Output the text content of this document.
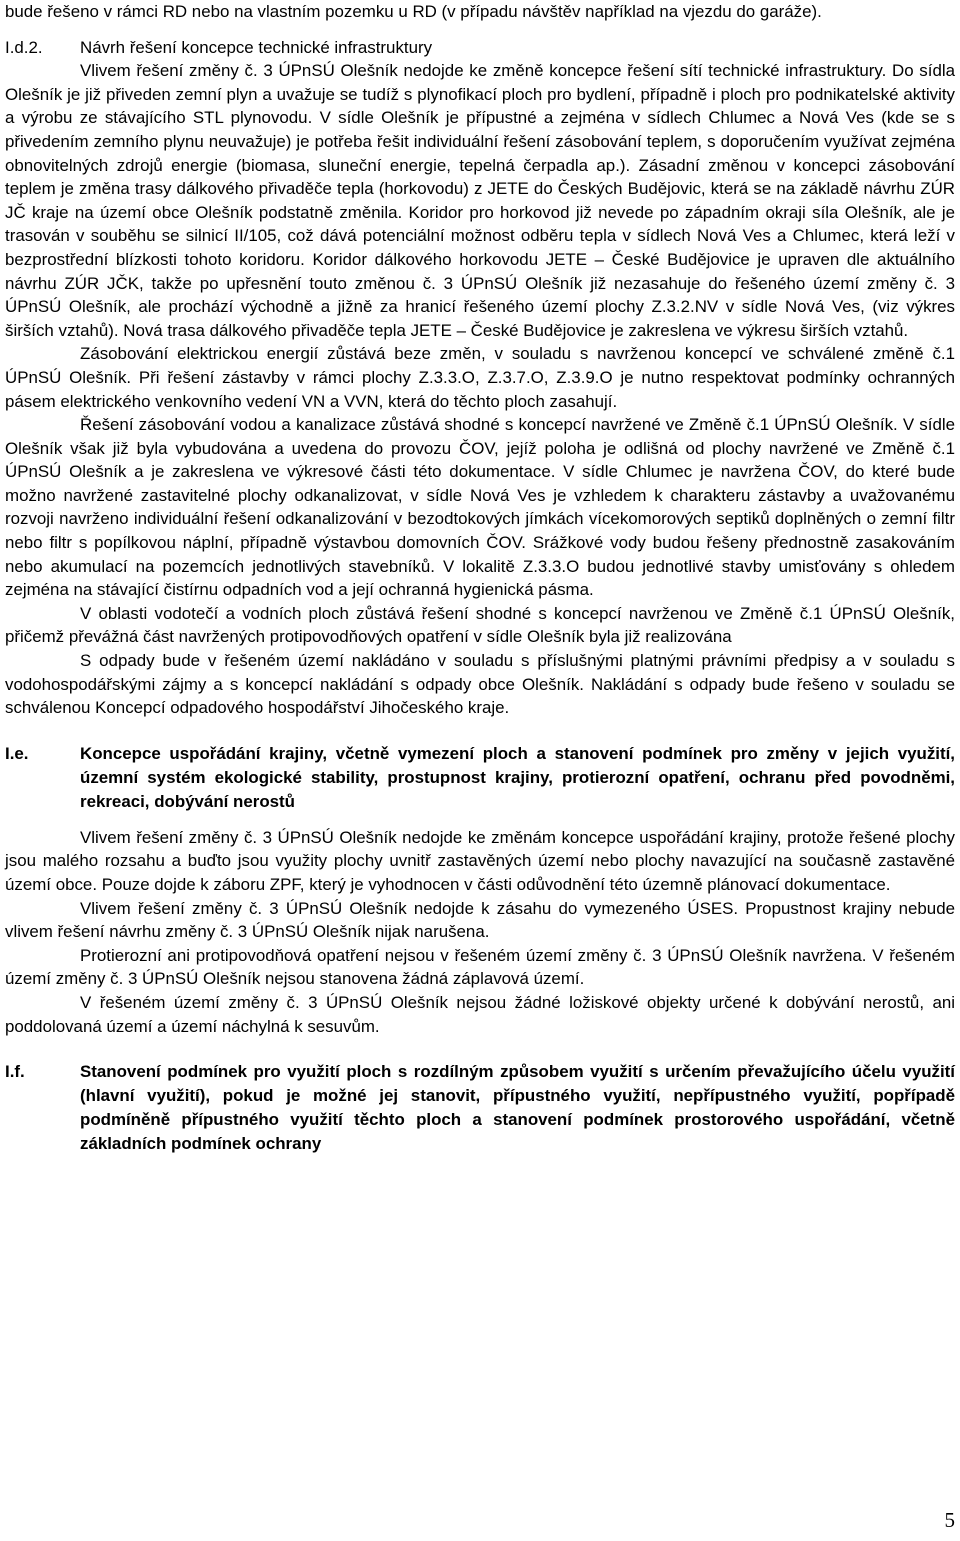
bude řešeno v rámci RD nebo na vlastním pozemku u RD (v případu návštěv například na vjezdu do garáže).

I.d.2.	Návrh řešení koncepce technické infrastruktury

Vlivem řešení změny č. 3 ÚPnSÚ Olešník nedojde ke změně koncepce řešení sítí technické infrastruktury. Do sídla Olešník je již přiveden zemní plyn a uvažuje se tudíž s plynofikací ploch pro bydlení, případně i ploch pro podnikatelské aktivity a výrobu ze stávajícího STL plynovodu. V sídle Olešník je přípustné a zejména v sídlech Chlumec a Nová Ves (kde se s přivedením zemního plynu neuvažuje) je potřeba řešit individuální řešení zásobování teplem, s doporučením využívat zejména obnovitelných zdrojů energie (biomasa, sluneční energie, tepelná čerpadla ap.). Zásadní změnou v koncepci zásobování teplem je změna trasy dálkového přivaděče tepla (horkovodu) z JETE do Českých Budějovic, která se na základě návrhu ZÚR JČ kraje na území obce Olešník podstatně změnila. Koridor pro horkovod již nevede po západním okraji síla Olešník, ale je trasován v souběhu se silnicí II/105, což dává potenciální možnost odběru tepla v sídlech Nová Ves a Chlumec, která leží v bezprostřední blízkosti tohoto koridoru. Koridor dálkového horkovodu JETE – České Budějovice je upraven dle aktuálního návrhu ZÚR JČK, takže po upřesnění touto změnou č. 3 ÚPnSÚ Olešník již nezasahuje do řešeného území změny č. 3 ÚPnSÚ Olešník, ale prochází východně a jižně za hranicí řešeného území plochy Z.3.2.NV v sídle Nová Ves, (viz výkres širších vztahů). Nová trasa dálkového přivaděče tepla JETE – České Budějovice je zakreslena ve výkresu širších vztahů.

Zásobování elektrickou energií zůstává beze změn, v souladu s navrženou koncepcí ve schválené změně č.1 ÚPnSÚ Olešník. Při řešení zástavby v rámci plochy Z.3.3.O, Z.3.7.O, Z.3.9.O je nutno respektovat podmínky ochranných pásem elektrického venkovního vedení VN a VVN, která do těchto ploch zasahují.

Řešení zásobování vodou a kanalizace zůstává shodné s koncepcí navržené ve Změně č.1 ÚPnSÚ Olešník. V sídle Olešník však již byla vybudována a uvedena do provozu ČOV, jejíž poloha je odlišná od plochy navržené ve Změně č.1 ÚPnSÚ Olešník a je zakreslena ve výkresové části této dokumentace. V sídle Chlumec je navržena ČOV, do které bude možno navržené zastavitelné plochy odkanalizovat, v sídle Nová Ves je vzhledem k charakteru zástavby a uvažovanému rozvoji navrženo individuální řešení odkanalizování v bezodtokových jímkách vícekomorových septiků doplněných o zemní filtr nebo filtr s popílkovou náplní, případně výstavbou domovních ČOV. Srážkové vody budou řešeny přednostně zasakováním nebo akumulací na pozemcích jednotlivých stavebníků. V lokalitě Z.3.3.O budou jednotlivé stavby umisťovány s ohledem zejména na stávající čistírnu odpadních vod a její ochranná hygienická pásma.

V oblasti vodotečí a vodních ploch zůstává řešení shodné s koncepcí navrženou ve Změně č.1 ÚPnSÚ Olešník, přičemž převážná část navržených protipovodňových opatření v sídle Olešník byla již realizována

S odpady bude v řešeném území nakládáno v souladu s příslušnými platnými právními předpisy a v souladu s vodohospodářskými zájmy a s koncepcí nakládání s odpady obce Olešník. Nakládání s odpady bude řešeno v souladu se schválenou Koncepcí odpadového hospodářství Jihočeského kraje.

I.e.	Koncepce uspořádání krajiny, včetně vymezení ploch a stanovení podmínek pro změny v jejich využití, územní systém ekologické stability, prostupnost krajiny, protierozní opatření, ochranu před povodněmi, rekreaci, dobývání nerostů

Vlivem řešení změny č. 3 ÚPnSÚ Olešník nedojde ke změnám koncepce uspořádání krajiny, protože řešené plochy jsou malého rozsahu a buďto jsou využity plochy uvnitř zastavěných území nebo plochy navazující na současně zastavěné území obce. Pouze dojde k záboru ZPF, který je vyhodnocen v části odůvodnění této územně plánovací dokumentace.

Vlivem řešení změny č. 3 ÚPnSÚ Olešník nedojde k zásahu do vymezeného ÚSES. Propustnost krajiny nebude vlivem řešení návrhu změny č. 3 ÚPnSÚ Olešník nijak narušena.

Protierozní ani protipovodňová opatření nejsou v řešeném území změny č. 3 ÚPnSÚ Olešník navržena. V řešeném území změny č. 3 ÚPnSÚ Olešník nejsou stanovena žádná záplavová území.

V řešeném území změny č. 3 ÚPnSÚ Olešník nejsou žádné ložiskové objekty určené k dobývání nerostů, ani poddolovaná území a území náchylná k sesuvům.

I.f.	Stanovení podmínek pro využití ploch s rozdílným způsobem využití s určením převažujícího účelu využití (hlavní využití), pokud je možné jej stanovit, přípustného využití, nepřípustného využití, popřípadě podmíněně přípustného využití těchto ploch a stanovení podmínek prostorového uspořádání, včetně základních podmínek ochrany
5
